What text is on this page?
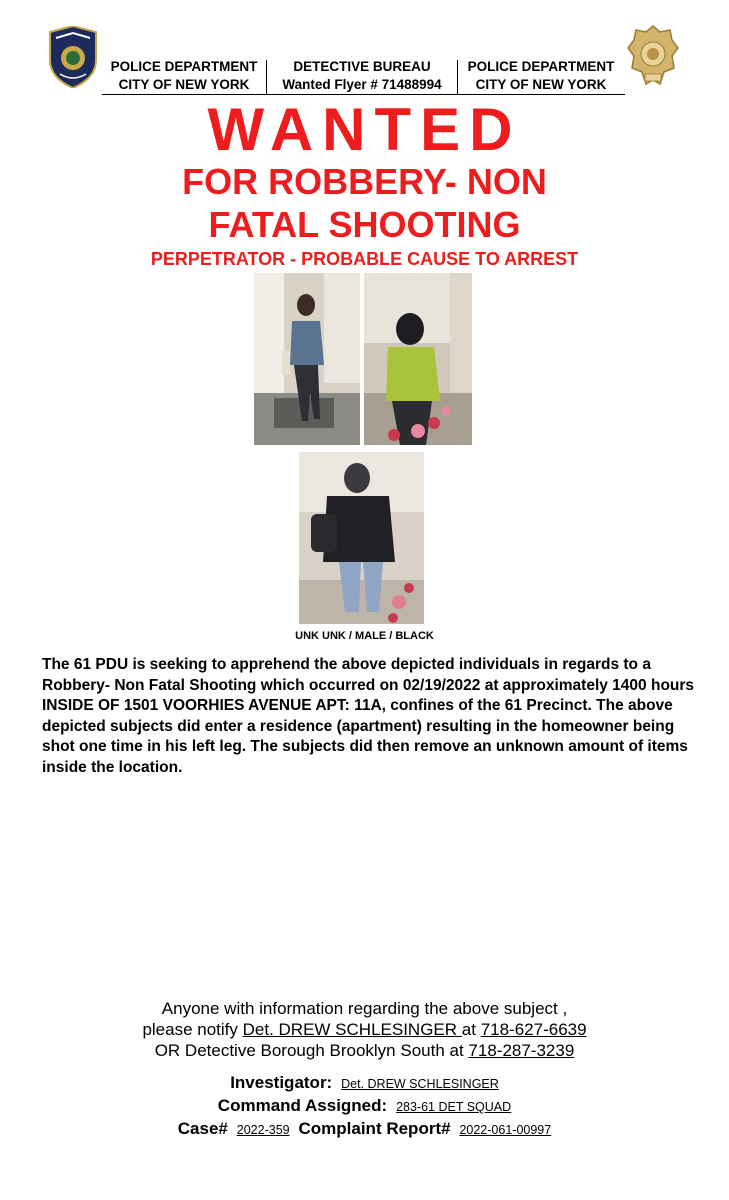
POLICE DEPARTMENT
CITY OF NEW YORK
DETECTIVE BUREAU
Wanted Flyer # 71488994
POLICE DEPARTMENT
CITY OF NEW YORK
WANTED
FOR ROBBERY- NON
FATAL SHOOTING
PERPETRATOR - PROBABLE CAUSE TO ARREST
UNK UNK / MALE / BLACK
The 61 PDU is seeking to apprehend the above depicted individuals in regards to a Robbery- Non Fatal Shooting which occurred on 02/19/2022 at approximately 1400 hours INSIDE OF 1501 VOORHIES AVENUE APT: 11A, confines of the 61 Precinct. The above depicted subjects did enter a residence (apartment) resulting in the homeowner being shot one time in his left leg. The subjects did then remove an unknown amount of items inside the location.
Anyone with information regarding the above subject ,
please notify Det. DREW SCHLESINGER at 718-627-6639
OR Detective Borough Brooklyn South at 718-287-3239
Investigator: Det. DREW SCHLESINGER
Command Assigned: 283-61 DET SQUAD
Case# 2022-359 Complaint Report# 2022-061-00997
